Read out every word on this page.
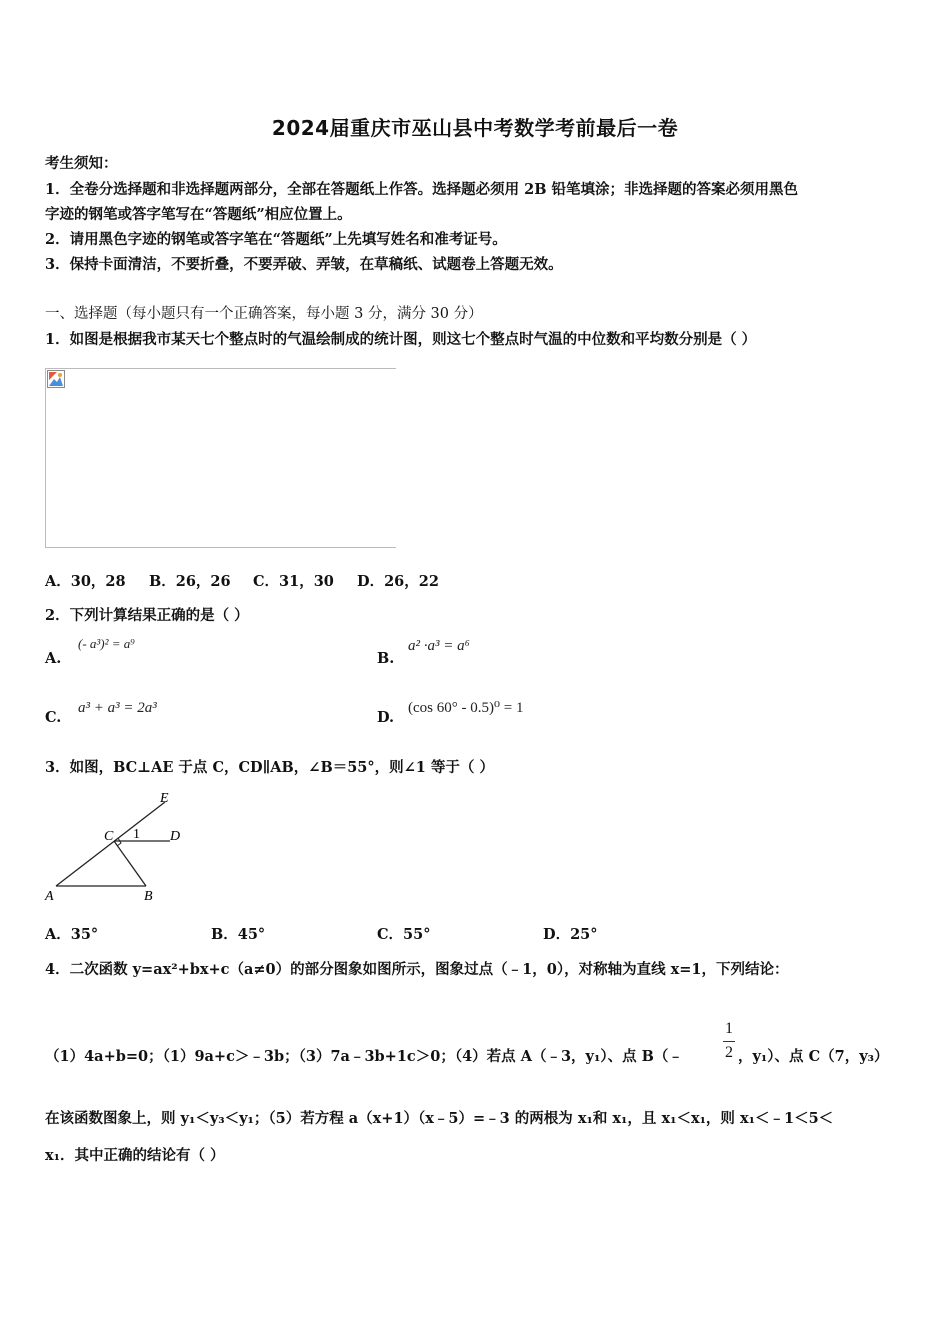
2024届重庆市巫山县中考数学考前最后一卷
考生须知：
1．全卷分选择题和非选择题两部分，全部在答题纸上作答。选择题必须用 2B 铅笔填涂；非选择题的答案必须用黑色
字迹的钢笔或答字笔写在“答题纸”相应位置上。
2．请用黑色字迹的钢笔或答字笔在“答题纸”上先填写姓名和准考证号。
3．保持卡面清洁，不要折叠，不要弄破、弄皱，在草稿纸、试题卷上答题无效。
一、选择题（每小题只有一个正确答案，每小题 3 分，满分 30 分）
1．如图是根据我市某天七个整点时的气温绘制成的统计图，则这七个整点时气温的中位数和平均数分别是（ ）
A．30，28 B．26，26 C．31，30 D．26，22
2．下列计算结果正确的是（ ）
A.
(- a³)² = a⁹
B.
a² ·a³ = a⁶
C.
a³ + a³ = 2a³
D.
(cos 60° - 0.5)⁰ = 1
3．如图，BC⊥AE 于点 C，CD∥AB，∠B＝55°，则∠1 等于（ ）
E
C 1 D
A	B
A．35°	B．45°	C．55°	D．25°
4．二次函数 y=ax²+bx+c（a≠0）的部分图象如图所示，图象过点（﹣1，0），对称轴为直线 x=1，下列结论：
（1）4a+b=0；（1）9a+c＞﹣3b；（3）7a﹣3b+1c＞0；（4）若点 A（﹣3，y₁）、点 B（﹣
1
2 ，y₁）、点 C（7，y₃）
在该函数图象上，则 y₁＜y₃＜y₁；（5）若方程 a（x+1）（x﹣5）=﹣3 的两根为 x₁和 x₁，且 x₁＜x₁，则 x₁＜﹣1＜5＜
x₁．其中正确的结论有（ ）
